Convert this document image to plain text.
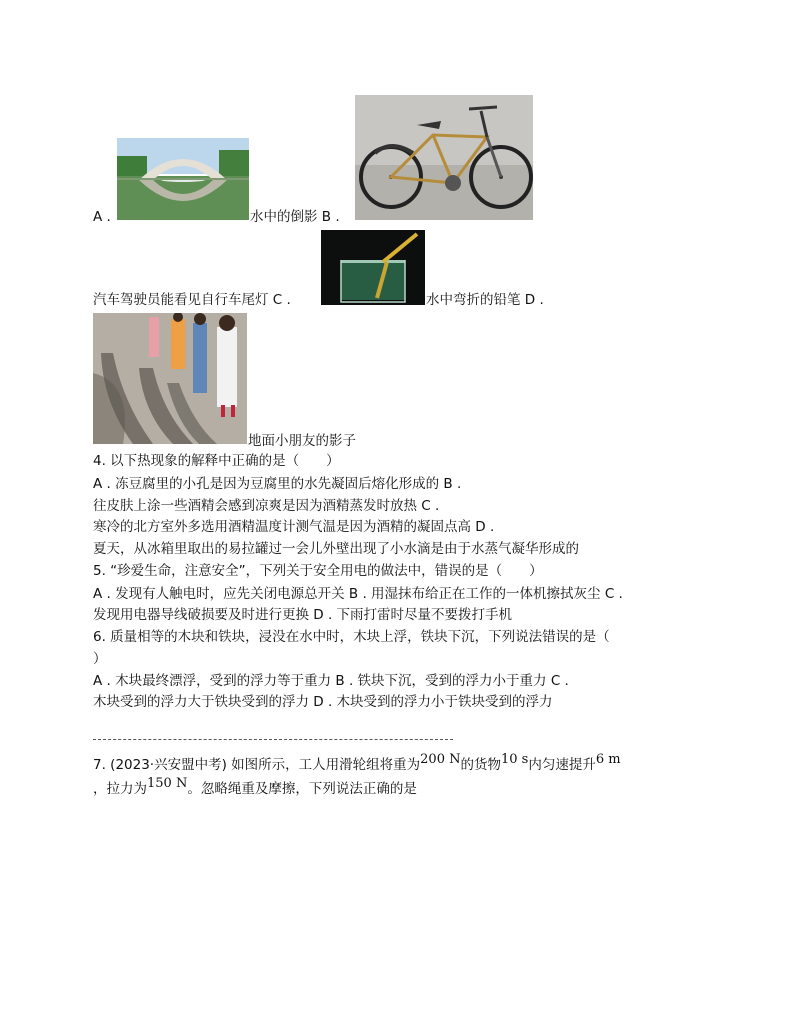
A .	水中的倒影 B .
汽车驾驶员能看见自行车尾灯 C .	水中弯折的铅笔 D .
地面小朋友的影子
4. 以下热现象的解释中正确的是（　　）
A . 冻豆腐里的小孔是因为豆腐里的水先凝固后熔化形成的 B .
往皮肤上涂一些酒精会感到凉爽是因为酒精蒸发时放热 C .
寒冷的北方室外多选用酒精温度计测气温是因为酒精的凝固点高 D .
夏天，从冰箱里取出的易拉罐过一会儿外壁出现了小水滴是由于水蒸气凝华形成的
5. “珍爱生命，注意安全”，下列关于安全用电的做法中，错误的是（　　）
A . 发现有人触电时，应先关闭电源总开关 B . 用湿抹布给正在工作的一体机擦拭灰尘 C .
发现用电器导线破损要及时进行更换 D . 下雨打雷时尽量不要拨打手机
6. 质量相等的木块和铁块，浸没在水中时，木块上浮，铁块下沉，下列说法错误的是（
）
A . 木块最终漂浮，受到的浮力等于重力 B . 铁块下沉，受到的浮力小于重力 C .
木块受到的浮力大于铁块受到的浮力 D . 木块受到的浮力小于铁块受到的浮力
7. (2023·兴安盟中考) 如图所示，工人用滑轮组将重为200 N的货物10 s内匀速提升6 m
，拉力为150 N。忽略绳重及摩擦，下列说法正确的是
